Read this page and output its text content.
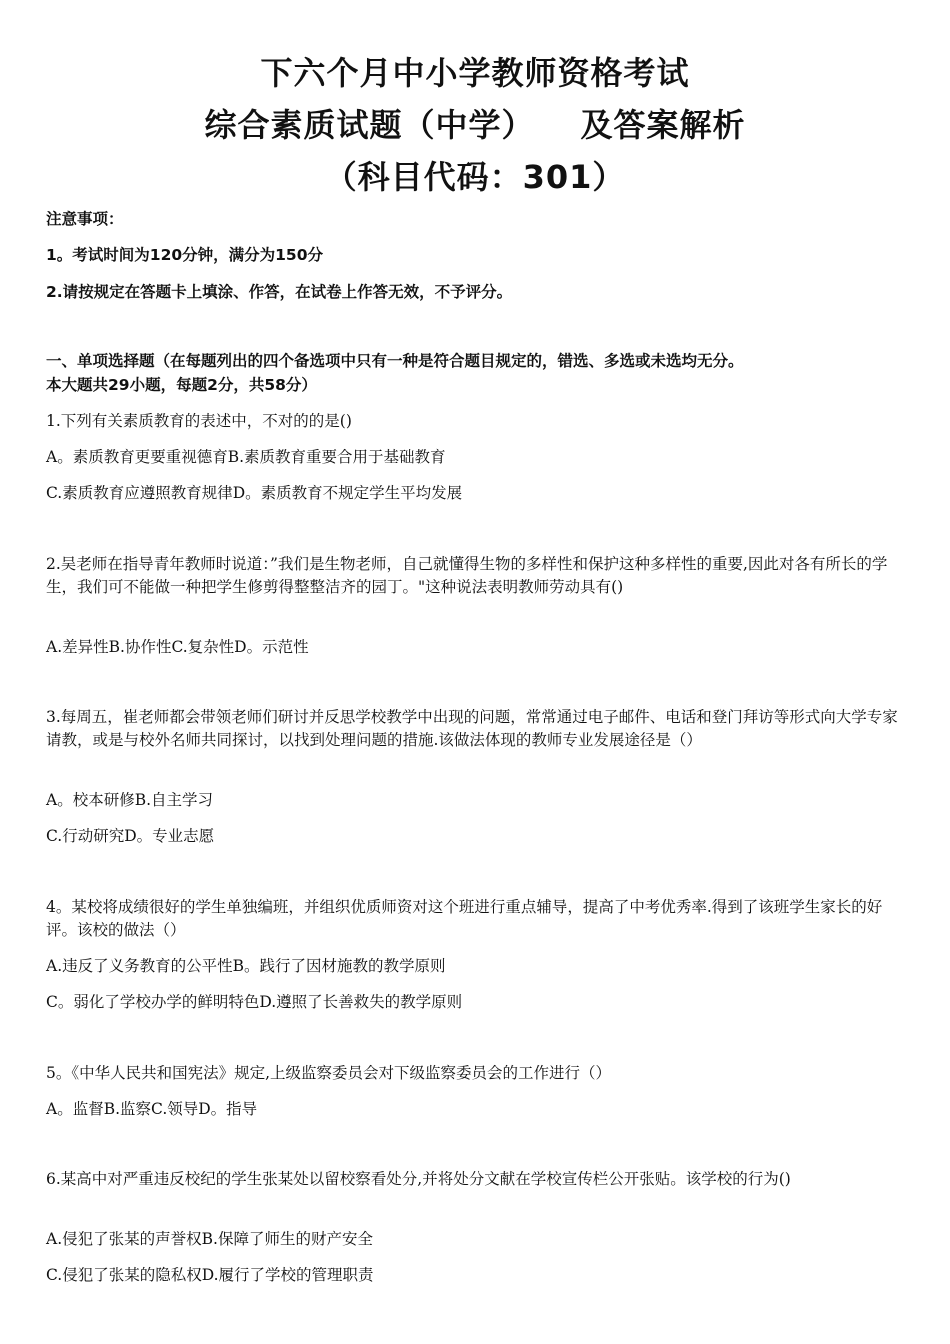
下六个月中小学教师资格考试
综合素质试题（中学） 及答案解析
（科目代码：301）
注意事项：
1。考试时间为120分钟，满分为150分
2.请按规定在答题卡上填涂、作答，在试卷上作答无效，不予评分。
一、单项选择题（在每题列出的四个备选项中只有一种是符合题目规定的，错选、多选或未选均无分。
本大题共29小题，每题2分，共58分）
1.下列有关素质教育的表述中，不对的的是()
A。素质教育更要重视德育B.素质教育重要合用于基础教育
C.素质教育应遵照教育规律D。素质教育不规定学生平均发展
2.吴老师在指导青年教师时说道：”我们是生物老师，自己就懂得生物的多样性和保护这种多样性的重要,因此对各有所长的学生，我们可不能做一种把学生修剪得整整洁齐的园丁。"这种说法表明教师劳动具有()
A.差异性B.协作性C.复杂性D。示范性
3.每周五，崔老师都会带领老师们研讨并反思学校教学中出现的问题，常常通过电子邮件、电话和登门拜访等形式向大学专家请教，或是与校外名师共同探讨，以找到处理问题的措施.该做法体现的教师专业发展途径是（）
A。校本研修B.自主学习
C.行动研究D。专业志愿
4。某校将成绩很好的学生单独编班，并组织优质师资对这个班进行重点辅导，提高了中考优秀率.得到了该班学生家长的好评。该校的做法（）
A.违反了义务教育的公平性B。践行了因材施教的教学原则
C。弱化了学校办学的鲜明特色D.遵照了长善救失的教学原则
5。《中华人民共和国宪法》规定,上级监察委员会对下级监察委员会的工作进行（）
A。监督B.监察C.领导D。指导
6.某高中对严重违反校纪的学生张某处以留校察看处分,并将处分文献在学校宣传栏公开张贴。该学校的行为()
A.侵犯了张某的声誉权B.保障了师生的财产安全
C.侵犯了张某的隐私权D.履行了学校的管理职责
